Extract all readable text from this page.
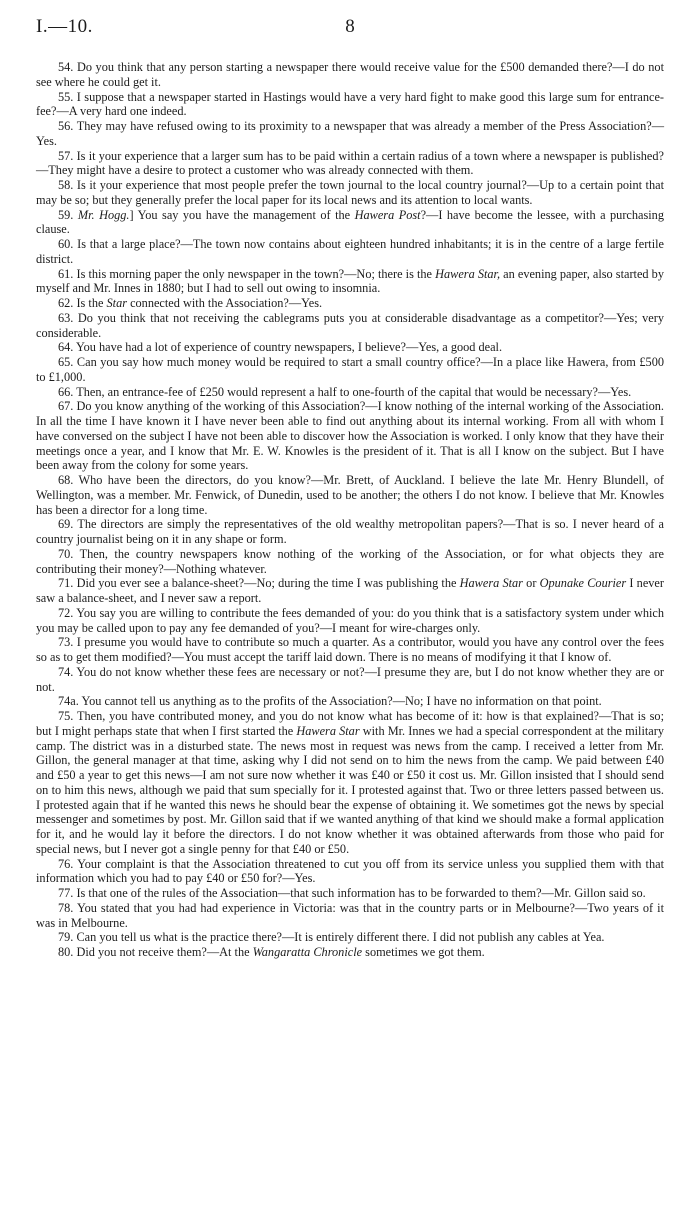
I.—10.	8

54. Do you think that any person starting a newspaper there would receive value for the £500 demanded there?—I do not see where he could get it.

55. I suppose that a newspaper started in Hastings would have a very hard fight to make good this large sum for entrance-fee?—A very hard one indeed.

56. They may have refused owing to its proximity to a newspaper that was already a member of the Press Association?—Yes.

57. Is it your experience that a larger sum has to be paid within a certain radius of a town where a newspaper is published?—They might have a desire to protect a customer who was already connected with them.

58. Is it your experience that most people prefer the town journal to the local country journal?—Up to a certain point that may be so; but they generally prefer the local paper for its local news and its attention to local wants.

59. Mr. Hogg.] You say you have the management of the Hawera Post?—I have become the lessee, with a purchasing clause.

60. Is that a large place?—The town now contains about eighteen hundred inhabitants; it is in the centre of a large fertile district.

61. Is this morning paper the only newspaper in the town?—No; there is the Hawera Star, an evening paper, also started by myself and Mr. Innes in 1880; but I had to sell out owing to insomnia.

62. Is the Star connected with the Association?—Yes.

63. Do you think that not receiving the cablegrams puts you at considerable disadvantage as a competitor?—Yes; very considerable.

64. You have had a lot of experience of country newspapers, I believe?—Yes, a good deal.

65. Can you say how much money would be required to start a small country office?—In a place like Hawera, from £500 to £1,000.

66. Then, an entrance-fee of £250 would represent a half to one-fourth of the capital that would be necessary?—Yes.

67. Do you know anything of the working of this Association?—I know nothing of the internal working of the Association. In all the time I have known it I have never been able to find out anything about its internal working. From all with whom I have conversed on the subject I have not been able to discover how the Association is worked. I only know that they have their meetings once a year, and I know that Mr. E. W. Knowles is the president of it. That is all I know on the subject. But I have been away from the colony for some years.

68. Who have been the directors, do you know?—Mr. Brett, of Auckland. I believe the late Mr. Henry Blundell, of Wellington, was a member. Mr. Fenwick, of Dunedin, used to be another; the others I do not know. I believe that Mr. Knowles has been a director for a long time.

69. The directors are simply the representatives of the old wealthy metropolitan papers?—That is so. I never heard of a country journalist being on it in any shape or form.

70. Then, the country newspapers know nothing of the working of the Association, or for what objects they are contributing their money?—Nothing whatever.

71. Did you ever see a balance-sheet?—No; during the time I was publishing the Hawera Star or Opunake Courier I never saw a balance-sheet, and I never saw a report.

72. You say you are willing to contribute the fees demanded of you: do you think that is a satisfactory system under which you may be called upon to pay any fee demanded of you?—I meant for wire-charges only.

73. I presume you would have to contribute so much a quarter. As a contributor, would you have any control over the fees so as to get them modified?—You must accept the tariff laid down. There is no means of modifying it that I know of.

74. You do not know whether these fees are necessary or not?—I presume they are, but I do not know whether they are or not.

74a. You cannot tell us anything as to the profits of the Association?—No; I have no information on that point.

75. Then, you have contributed money, and you do not know what has become of it: how is that explained?—That is so; but I might perhaps state that when I first started the Hawera Star with Mr. Innes we had a special correspondent at the military camp. The district was in a disturbed state. The news most in request was news from the camp. I received a letter from Mr. Gillon, the general manager at that time, asking why I did not send on to him the news from the camp. We paid between £40 and £50 a year to get this news—I am not sure now whether it was £40 or £50 it cost us. Mr. Gillon insisted that I should send on to him this news, although we paid that sum specially for it. I protested against that. Two or three letters passed between us. I protested again that if he wanted this news he should bear the expense of obtaining it. We sometimes got the news by special messenger and sometimes by post. Mr. Gillon said that if we wanted anything of that kind we should make a formal application for it, and he would lay it before the directors. I do not know whether it was obtained afterwards from those who paid for special news, but I never got a single penny for that £40 or £50.

76. Your complaint is that the Association threatened to cut you off from its service unless you supplied them with that information which you had to pay £40 or £50 for?—Yes.

77. Is that one of the rules of the Association—that such information has to be forwarded to them?—Mr. Gillon said so.

78. You stated that you had had experience in Victoria: was that in the country parts or in Melbourne?—Two years of it was in Melbourne.

79. Can you tell us what is the practice there?—It is entirely different there. I did not publish any cables at Yea.

80. Did you not receive them?—At the Wangaratta Chronicle sometimes we got them.
